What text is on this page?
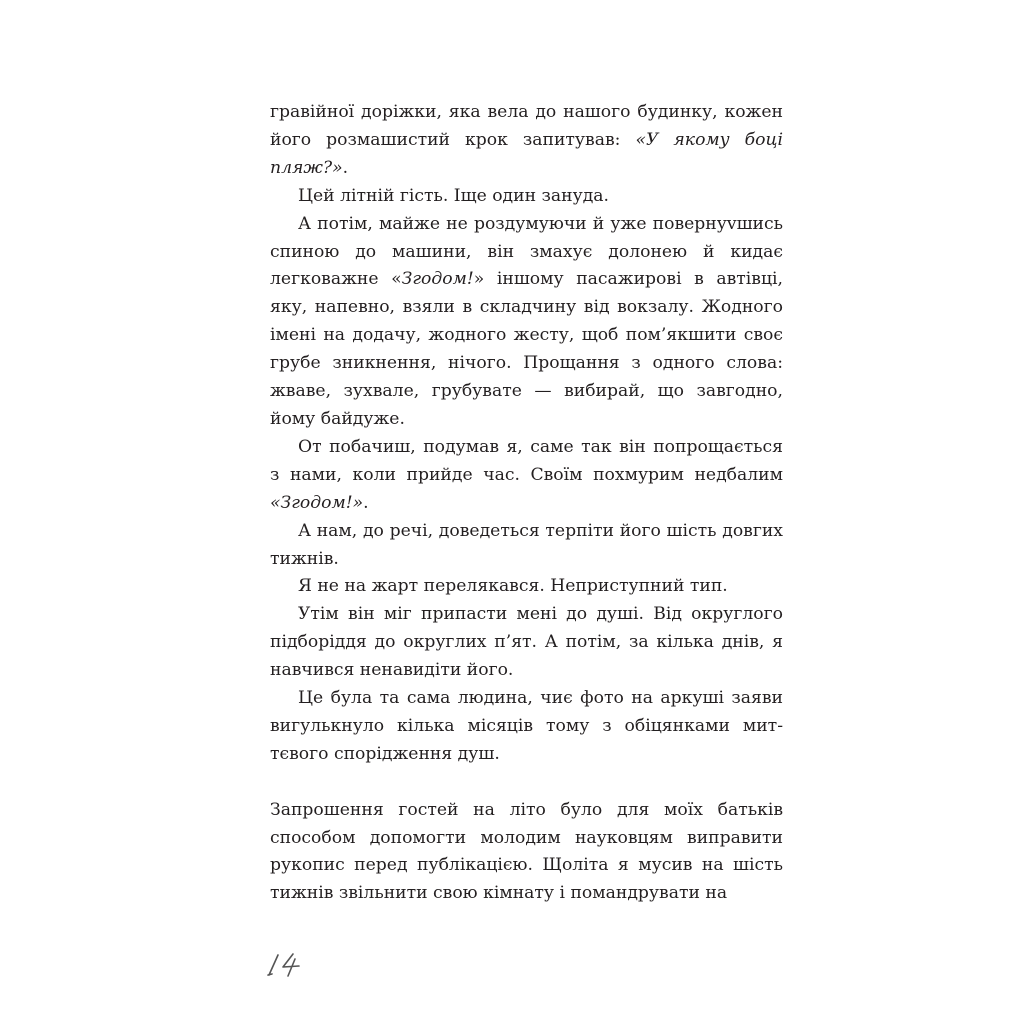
гравійної доріжки, яка вела до нашого будинку, кожен його розмашистий крок запитував: «У якому боці пляж?».

Цей літній гість. Іще один зануда.

А потім, майже не роздумуючи й уже повернуvшись спиною до машини, він змахує долонею й кидає легковажне «Згодом!» іншому пасажирові в автівці, яку, напевно, взяли в складчину від вокзалу. Жодного імені на додачу, жодного жесту, щоб пом’якшити своє грубе зникнення, нічого. Прощання з одного слова: жваве, зухвале, грубувате — вибирай, що завгодно, йому байдуже.

От побачиш, подумав я, саме так він попрощається з нами, коли прийде час. Своїм похмурим недбалим «Згодом!».

А нам, до речі, доведеться терпіти його шість довгих тижнів.

Я не на жарт перелякався. Неприступний тип.

Утім він міг припасти мені до душі. Від округлого підборіддя до округлих п’ят. А потім, за кілька днів, я навчився ненавидіти його.

Це була та сама людина, чиє фото на аркуші заяви вигулькнуло кілька місяців тому з обіцянками миттєвого спорідження душ.

Запрошення гостей на літо було для моїх батьків способом допомогти молодим науковцям виправити рукопис перед публікацією. Щоліта я мусив на шість тижнів звільнити свою кімнату і помандрувати на
